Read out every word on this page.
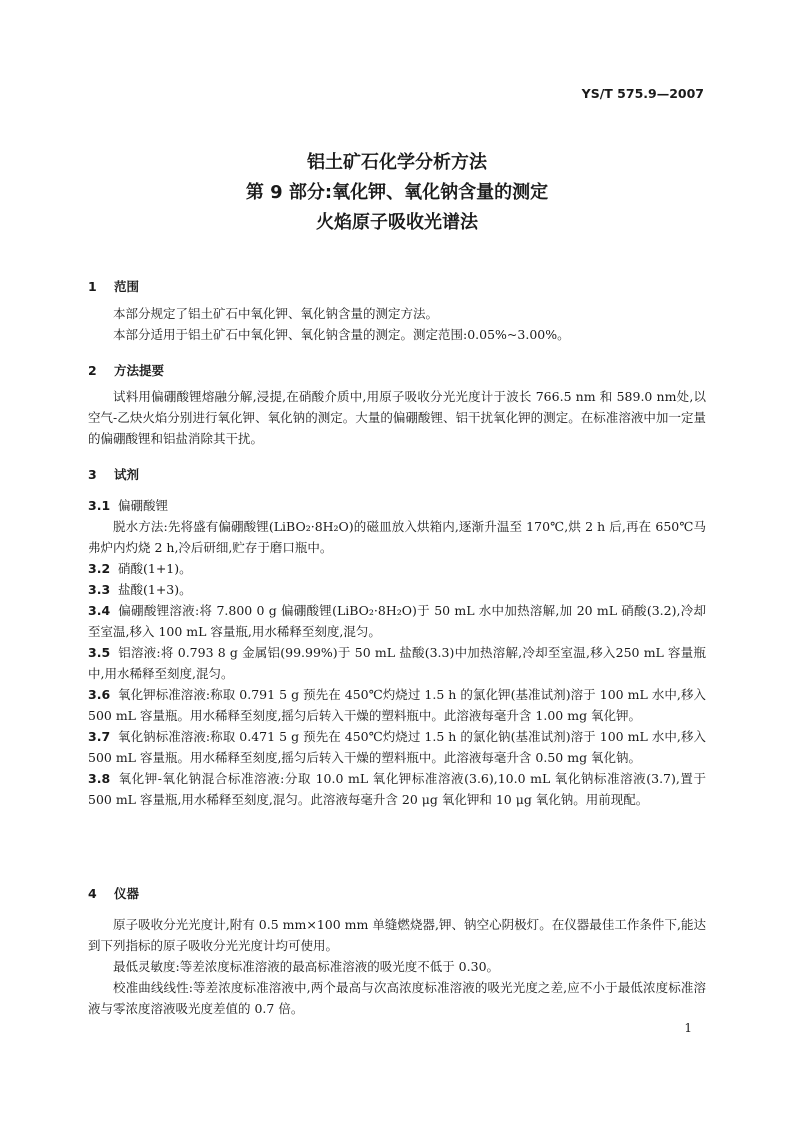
YS/T 575.9—2007
铝土矿石化学分析方法
第 9 部分:氧化钾、氧化钠含量的测定
火焰原子吸收光谱法
1 范围

本部分规定了铝土矿石中氧化钾、氧化钠含量的测定方法。

本部分适用于铝土矿石中氧化钾、氧化钠含量的测定。测定范围:0.05%~3.00%。

2 方法提要

试料用偏硼酸锂熔融分解,浸提,在硝酸介质中,用原子吸收分光光度计于波长 766.5 nm 和 589.0 nm处,以空气-乙炔火焰分别进行氧化钾、氧化钠的测定。大量的偏硼酸锂、铝干扰氧化钾的测定。在标准溶液中加一定量的偏硼酸锂和铝盐消除其干扰。

3 试剂

3.1 偏硼酸锂

脱水方法:先将盛有偏硼酸锂(LiBO₂·8H₂O)的磁皿放入烘箱内,逐渐升温至 170℃,烘 2 h 后,再在 650℃马弗炉内灼烧 2 h,冷后研细,贮存于磨口瓶中。

3.2 硝酸(1+1)。

3.3 盐酸(1+3)。

3.4 偏硼酸锂溶液:将 7.800 0 g 偏硼酸锂(LiBO₂·8H₂O)于 50 mL 水中加热溶解,加 20 mL 硝酸(3.2),冷却至室温,移入 100 mL 容量瓶,用水稀释至刻度,混匀。

3.5 铝溶液:将 0.793 8 g 金属铝(99.99%)于 50 mL 盐酸(3.3)中加热溶解,冷却至室温,移入250 mL 容量瓶中,用水稀释至刻度,混匀。

3.6 氧化钾标准溶液:称取 0.791 5 g 预先在 450℃灼烧过 1.5 h 的氯化钾(基准试剂)溶于 100 mL 水中,移入 500 mL 容量瓶。用水稀释至刻度,摇匀后转入干燥的塑料瓶中。此溶液每毫升含 1.00 mg 氧化钾。

3.7 氧化钠标准溶液:称取 0.471 5 g 预先在 450℃灼烧过 1.5 h 的氯化钠(基准试剂)溶于 100 mL 水中,移入 500 mL 容量瓶。用水稀释至刻度,摇匀后转入干燥的塑料瓶中。此溶液每毫升含 0.50 mg 氧化钠。

3.8 氧化钾-氧化钠混合标准溶液:分取 10.0 mL 氧化钾标准溶液(3.6),10.0 mL 氧化钠标准溶液(3.7),置于 500 mL 容量瓶,用水稀释至刻度,混匀。此溶液每毫升含 20 μg 氧化钾和 10 μg 氧化钠。用前现配。

4 仪器

原子吸收分光光度计,附有 0.5 mm×100 mm 单缝燃烧器,钾、钠空心阴极灯。在仪器最佳工作条件下,能达到下列指标的原子吸收分光光度计均可使用。

最低灵敏度:等差浓度标准溶液的最高标准溶液的吸光度不低于 0.30。

校准曲线线性:等差浓度标准溶液中,两个最高与次高浓度标准溶液的吸光光度之差,应不小于最低浓度标准溶液与零浓度溶液吸光度差值的 0.7 倍。

1
